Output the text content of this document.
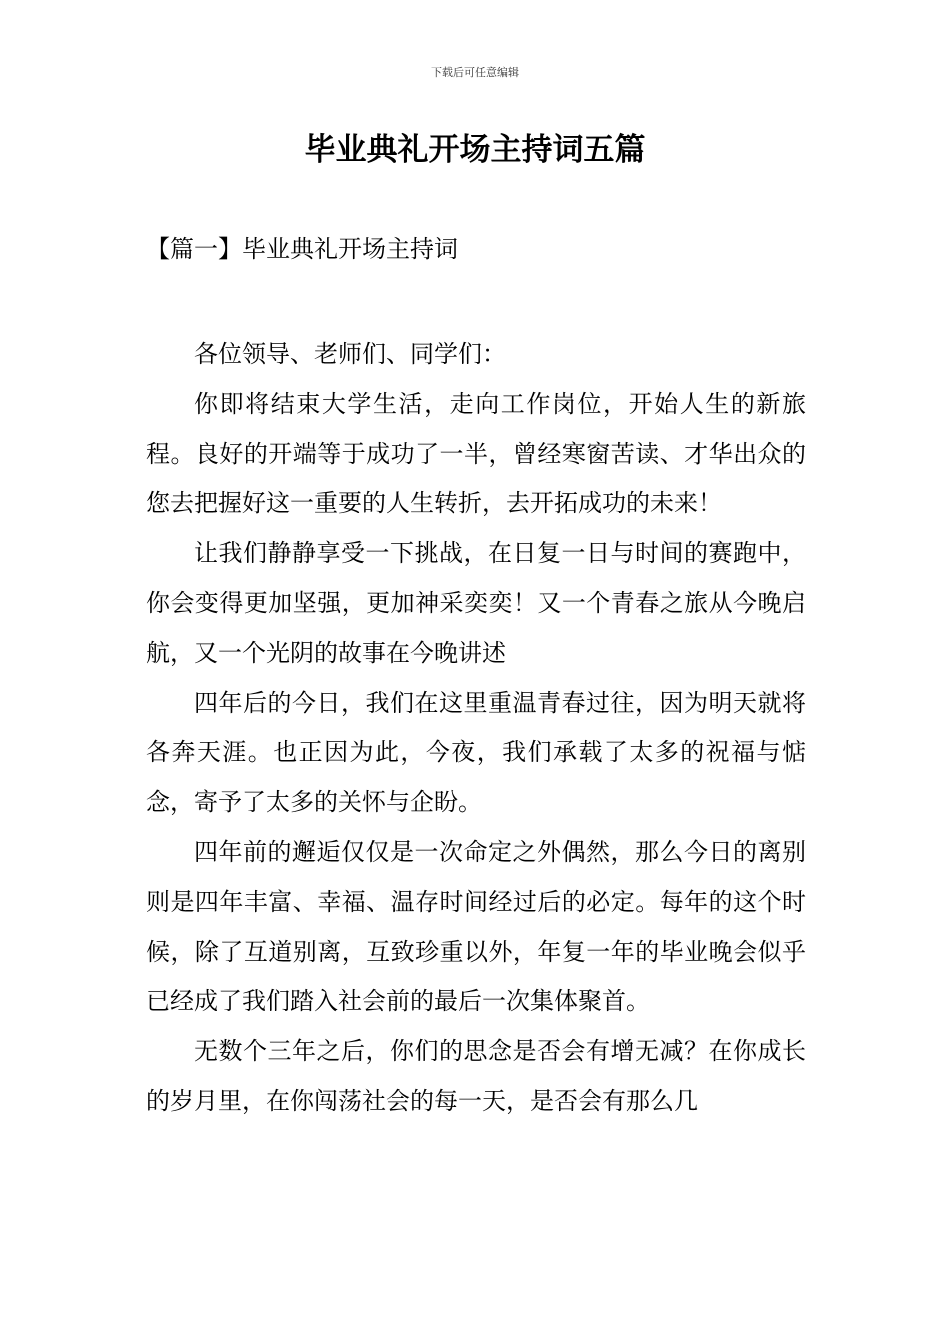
下载后可任意编辑
毕业典礼开场主持词五篇
【篇一】毕业典礼开场主持词

各位领导、老师们、同学们：

你即将结束大学生活，走向工作岗位，开始人生的新旅程。良好的开端等于成功了一半，曾经寒窗苦读、才华出众的您去把握好这一重要的人生转折，去开拓成功的未来！

让我们静静享受一下挑战，在日复一日与时间的赛跑中，你会变得更加坚强，更加神采奕奕！又一个青春之旅从今晚启航，又一个光阴的故事在今晚讲述

四年后的今日，我们在这里重温青春过往，因为明天就将各奔天涯。也正因为此，今夜，我们承载了太多的祝福与惦念，寄予了太多的关怀与企盼。

四年前的邂逅仅仅是一次命定之外偶然，那么今日的离别则是四年丰富、幸福、温存时间经过后的必定。每年的这个时候，除了互道别离，互致珍重以外，年复一年的毕业晚会似乎已经成了我们踏入社会前的最后一次集体聚首。

无数个三年之后，你们的思念是否会有增无减？在你成长的岁月里，在你闯荡社会的每一天，是否会有那么几
